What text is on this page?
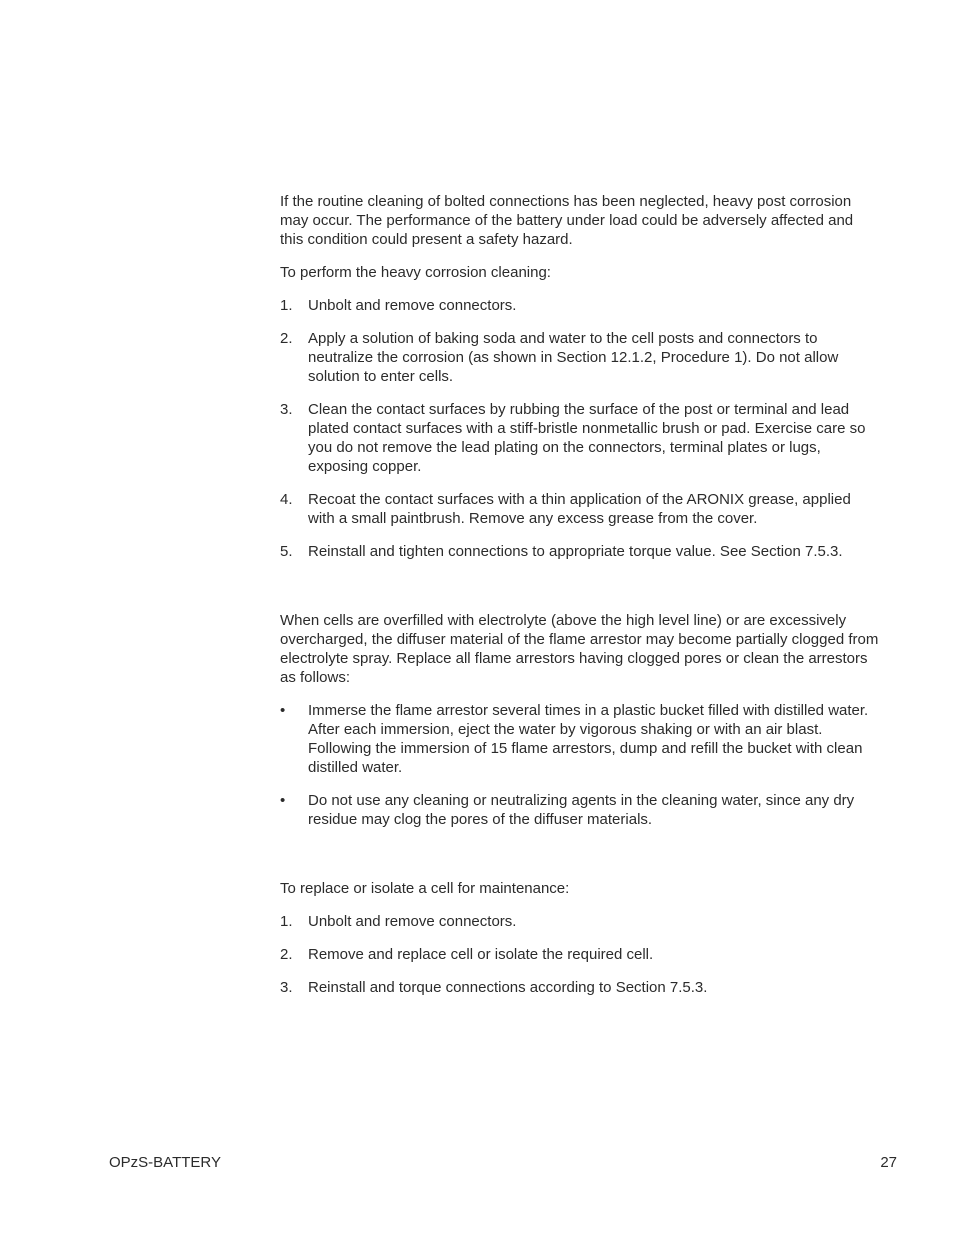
If the routine cleaning of bolted connections has been neglected, heavy post corrosion may occur. The performance of the battery under load could be adversely affected and this condition could present a safety hazard.

To perform the heavy corrosion cleaning:

1. Unbolt and remove connectors.
2. Apply a solution of baking soda and water to the cell posts and connectors to neutralize the corrosion (as shown in Section 12.1.2, Procedure 1). Do not allow solution to enter cells.
3. Clean the contact surfaces by rubbing the surface of the post or terminal and lead plated contact surfaces with a stiff-bristle nonmetallic brush or pad. Exercise care so you do not remove the lead plating on the connectors, terminal plates or lugs, exposing copper.
4. Recoat the contact surfaces with a thin application of the ARONIX grease, applied with a small paintbrush. Remove any excess grease from the cover.
5. Reinstall and tighten connections to appropriate torque value. See Section 7.5.3.

When cells are overfilled with electrolyte (above the high level line) or are excessively overcharged, the diffuser material of the flame arrestor may become partially clogged from electrolyte spray. Replace all flame arrestors having clogged pores or clean the arrestors as follows:

• Immerse the flame arrestor several times in a plastic bucket filled with distilled water. After each immersion, eject the water by vigorous shaking or with an air blast. Following the immersion of 15 flame arrestors, dump and refill the bucket with clean distilled water.
• Do not use any cleaning or neutralizing agents in the cleaning water, since any dry residue may clog the pores of the diffuser materials.

To replace or isolate a cell for maintenance:

1. Unbolt and remove connectors.
2. Remove and replace cell or isolate the required cell.
3. Reinstall and torque connections according to Section 7.5.3.
OPzS-BATTERY	27
